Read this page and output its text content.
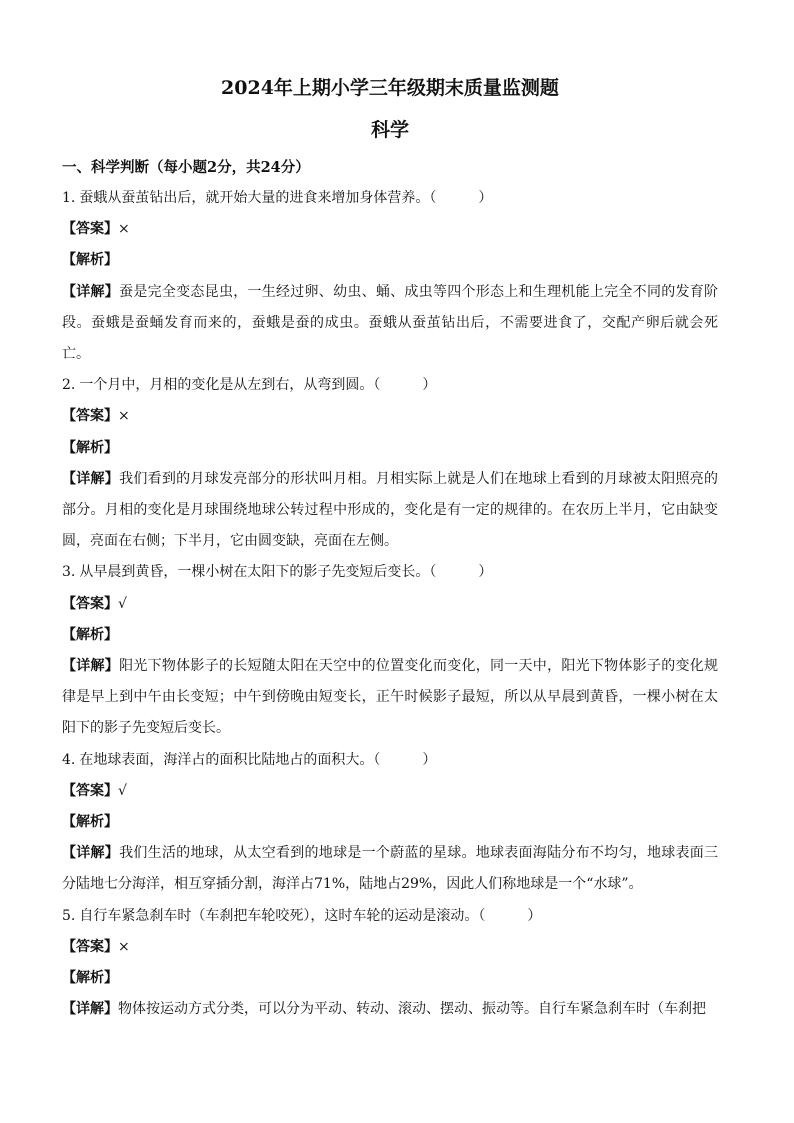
2024年上期小学三年级期末质量监测题
科学
一、科学判断（每小题2分，共24分）
1. 蚕蛾从蚕茧钻出后，就开始大量的进食来增加身体营养。（　　　）
【答案】×
【解析】
【详解】蚕是完全变态昆虫，一生经过卵、幼虫、蛹、成虫等四个形态上和生理机能上完全不同的发育阶段。蚕蛾是蚕蛹发育而来的，蚕蛾是蚕的成虫。蚕蛾从蚕茧钻出后，不需要进食了，交配产卵后就会死亡。
2. 一个月中，月相的变化是从左到右，从弯到圆。（　　　）
【答案】×
【解析】
【详解】我们看到的月球发亮部分的形状叫月相。月相实际上就是人们在地球上看到的月球被太阳照亮的部分。月相的变化是月球围绕地球公转过程中形成的，变化是有一定的规律的。在农历上半月，它由缺变圆，亮面在右侧；下半月，它由圆变缺，亮面在左侧。
3. 从早晨到黄昏，一棵小树在太阳下的影子先变短后变长。（　　　）
【答案】√
【解析】
【详解】阳光下物体影子的长短随太阳在天空中的位置变化而变化，同一天中，阳光下物体影子的变化规律是早上到中午由长变短；中午到傍晚由短变长，正午时候影子最短，所以从早晨到黄昏，一棵小树在太阳下的影子先变短后变长。
4. 在地球表面，海洋占的面积比陆地占的面积大。（　　　）
【答案】√
【解析】
【详解】我们生活的地球，从太空看到的地球是一个蔚蓝的星球。地球表面海陆分布不均匀，地球表面三分陆地七分海洋，相互穿插分割，海洋占71%，陆地占29%，因此人们称地球是一个“水球”。
5. 自行车紧急刹车时（车刹把车轮咬死），这时车轮的运动是滚动。（　　　）
【答案】×
【解析】
【详解】物体按运动方式分类，可以分为平动、转动、滚动、摆动、振动等。自行车紧急刹车时（车刹把
